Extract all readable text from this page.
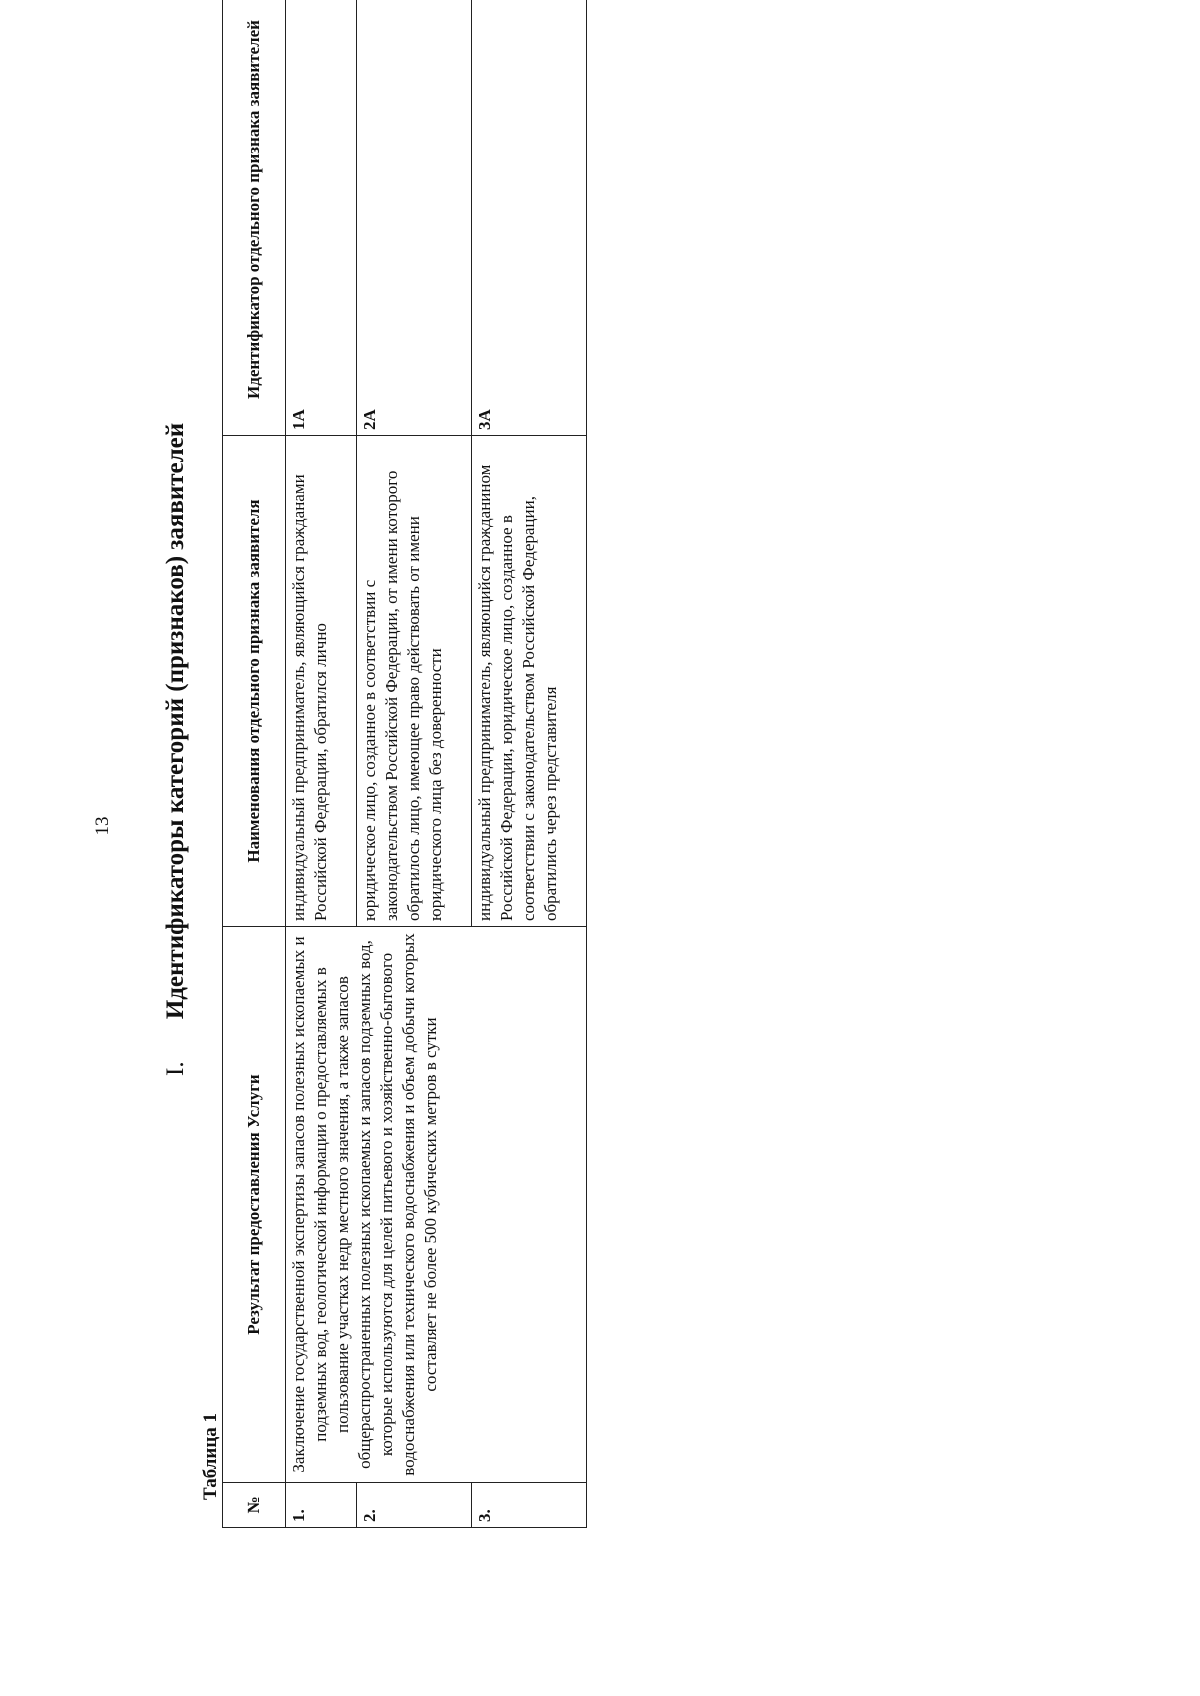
13
I. Идентификаторы категорий (признаков) заявителей
Таблица 1
№	Результат предоставления Услуги	Наименования отдельного признака заявителя	Идентификатор отдельного признака заявителей
1.	Заключение государственной экспертизы запасов полезных ископаемых и подземных вод, геологической информации о предоставляемых в пользование участках недр местного значения, а также запасов общераспространенных полезных ископаемых и запасов подземных вод, которые используются для целей питьевого и хозяйственно-бытового водоснабжения или технического водоснабжения и объем добычи которых составляет не более 500 кубических метров в сутки	индивидуальный предприниматель, являющийся гражданами Российской Федерации, обратился лично	1А
2.		юридическое лицо, созданное в соответствии с законодательством Российской Федерации, от имени которого обратилось лицо, имеющее право действовать от имени юридического лица без доверенности	2А
3.		индивидуальный предприниматель, являющийся гражданином Российской Федерации, юридическое лицо, созданное в соответствии с законодательством Российской Федерации, обратились через представителя	3А
